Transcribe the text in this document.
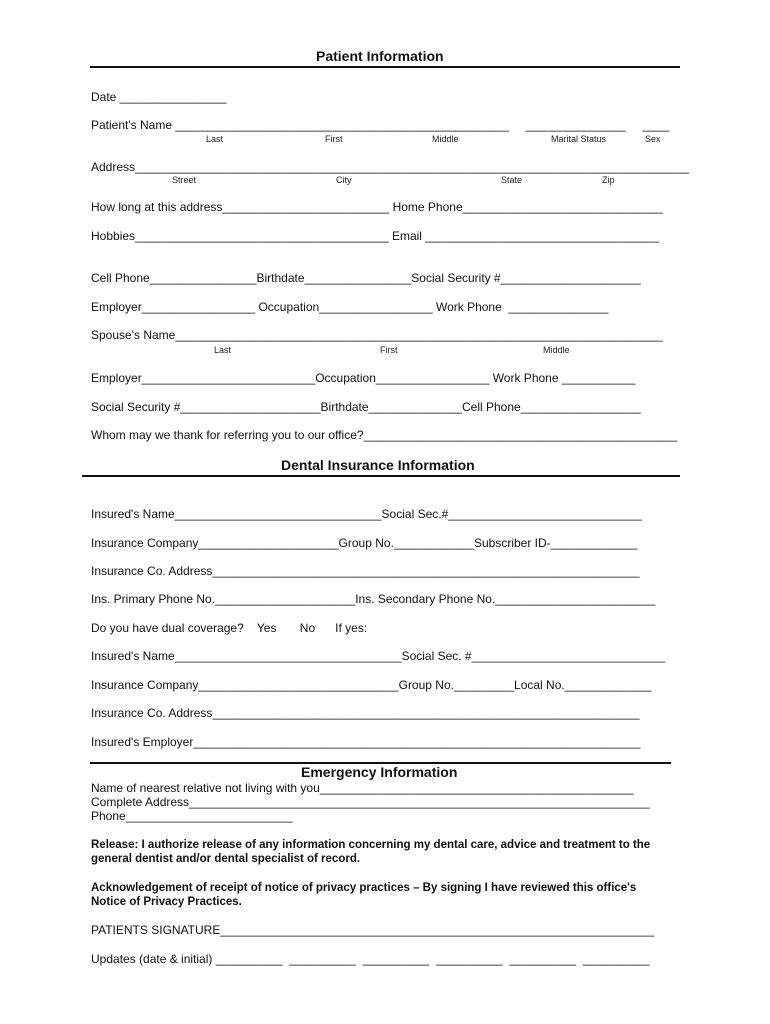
Patient Information
Date ________________
Patient's Name __________________________________________________     _______________     ____
Last	First	Middle	Marital Status	Sex
Address___________________________________________________________________________________
Street	City	State	Zip
How long at this address_________________________ Home Phone______________________________
Hobbies______________________________________ Email ___________________________________
Cell Phone________________Birthdate________________Social Security #_____________________
Employer_________________ Occupation_________________ Work Phone  _______________
Spouse's Name_________________________________________________________________________
Last	First	Middle
Employer__________________________Occupation_________________ Work Phone ___________
Social Security #_____________________Birthdate______________Cell Phone__________________
Whom may we thank for referring you to our office?_______________________________________________
Dental Insurance Information
Insured's Name_______________________________Social Sec.#_____________________________
Insurance Company_____________________Group No.____________Subscriber ID-_____________
Insurance Co. Address________________________________________________________________
Ins. Primary Phone No._____________________Ins. Secondary Phone No.________________________
Do you have dual coverage?    Yes       No      If yes:
Insured's Name__________________________________Social Sec. #_____________________________
Insurance Company______________________________Group No._________Local No._____________
Insurance Co. Address________________________________________________________________
Insured's Employer___________________________________________________________________
Emergency Information
Name of nearest relative not living with you_______________________________________________
Complete Address_____________________________________________________________________
Phone_________________________
Release: I authorize release of any information concerning my dental care, advice and treatment to the general dentist and/or dental specialist of record.
Acknowledgement of receipt of notice of privacy practices – By signing I have reviewed this office's Notice of Privacy Practices.
PATIENTS SIGNATURE_________________________________________________________________
Updates (date & initial) __________  __________  __________  __________  __________  __________
